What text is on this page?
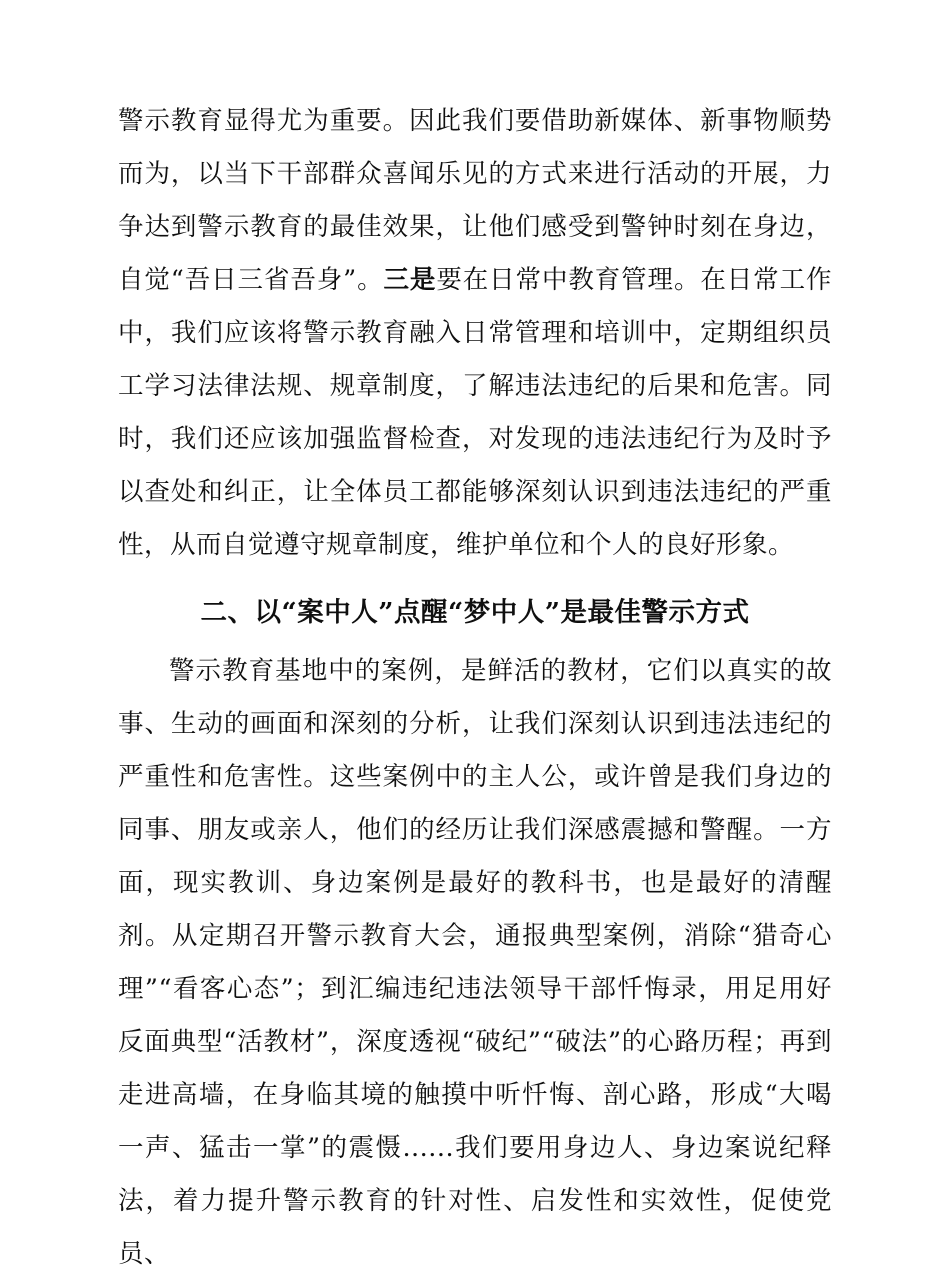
警示教育显得尤为重要。因此我们要借助新媒体、新事物顺势而为，以当下干部群众喜闻乐见的方式来进行活动的开展，力争达到警示教育的最佳效果，让他们感受到警钟时刻在身边，自觉“吾日三省吾身”。三是要在日常中教育管理。在日常工作中，我们应该将警示教育融入日常管理和培训中，定期组织员工学习法律法规、规章制度，了解违法违纪的后果和危害。同时，我们还应该加强监督检查，对发现的违法违纪行为及时予以查处和纠正，让全体员工都能够深刻认识到违法违纪的严重性，从而自觉遵守规章制度，维护单位和个人的良好形象。

二、以“案中人”点醒“梦中人”是最佳警示方式

警示教育基地中的案例，是鲜活的教材，它们以真实的故事、生动的画面和深刻的分析，让我们深刻认识到违法违纪的严重性和危害性。这些案例中的主人公，或许曾是我们身边的同事、朋友或亲人，他们的经历让我们深感震撼和警醒。一方面，现实教训、身边案例是最好的教科书，也是最好的清醒剂。从定期召开警示教育大会，通报典型案例，消除“猎奇心理”“看客心态”；到汇编违纪违法领导干部忏悔录，用足用好反面典型“活教材”，深度透视“破纪”“破法”的心路历程；再到走进高墙，在身临其境的触摸中听忏悔、剖心路，形成“大喝一声、猛击一掌”的震慑......我们要用身边人、身边案说纪释法，着力提升警示教育的针对性、启发性和实效性，促使党员、
